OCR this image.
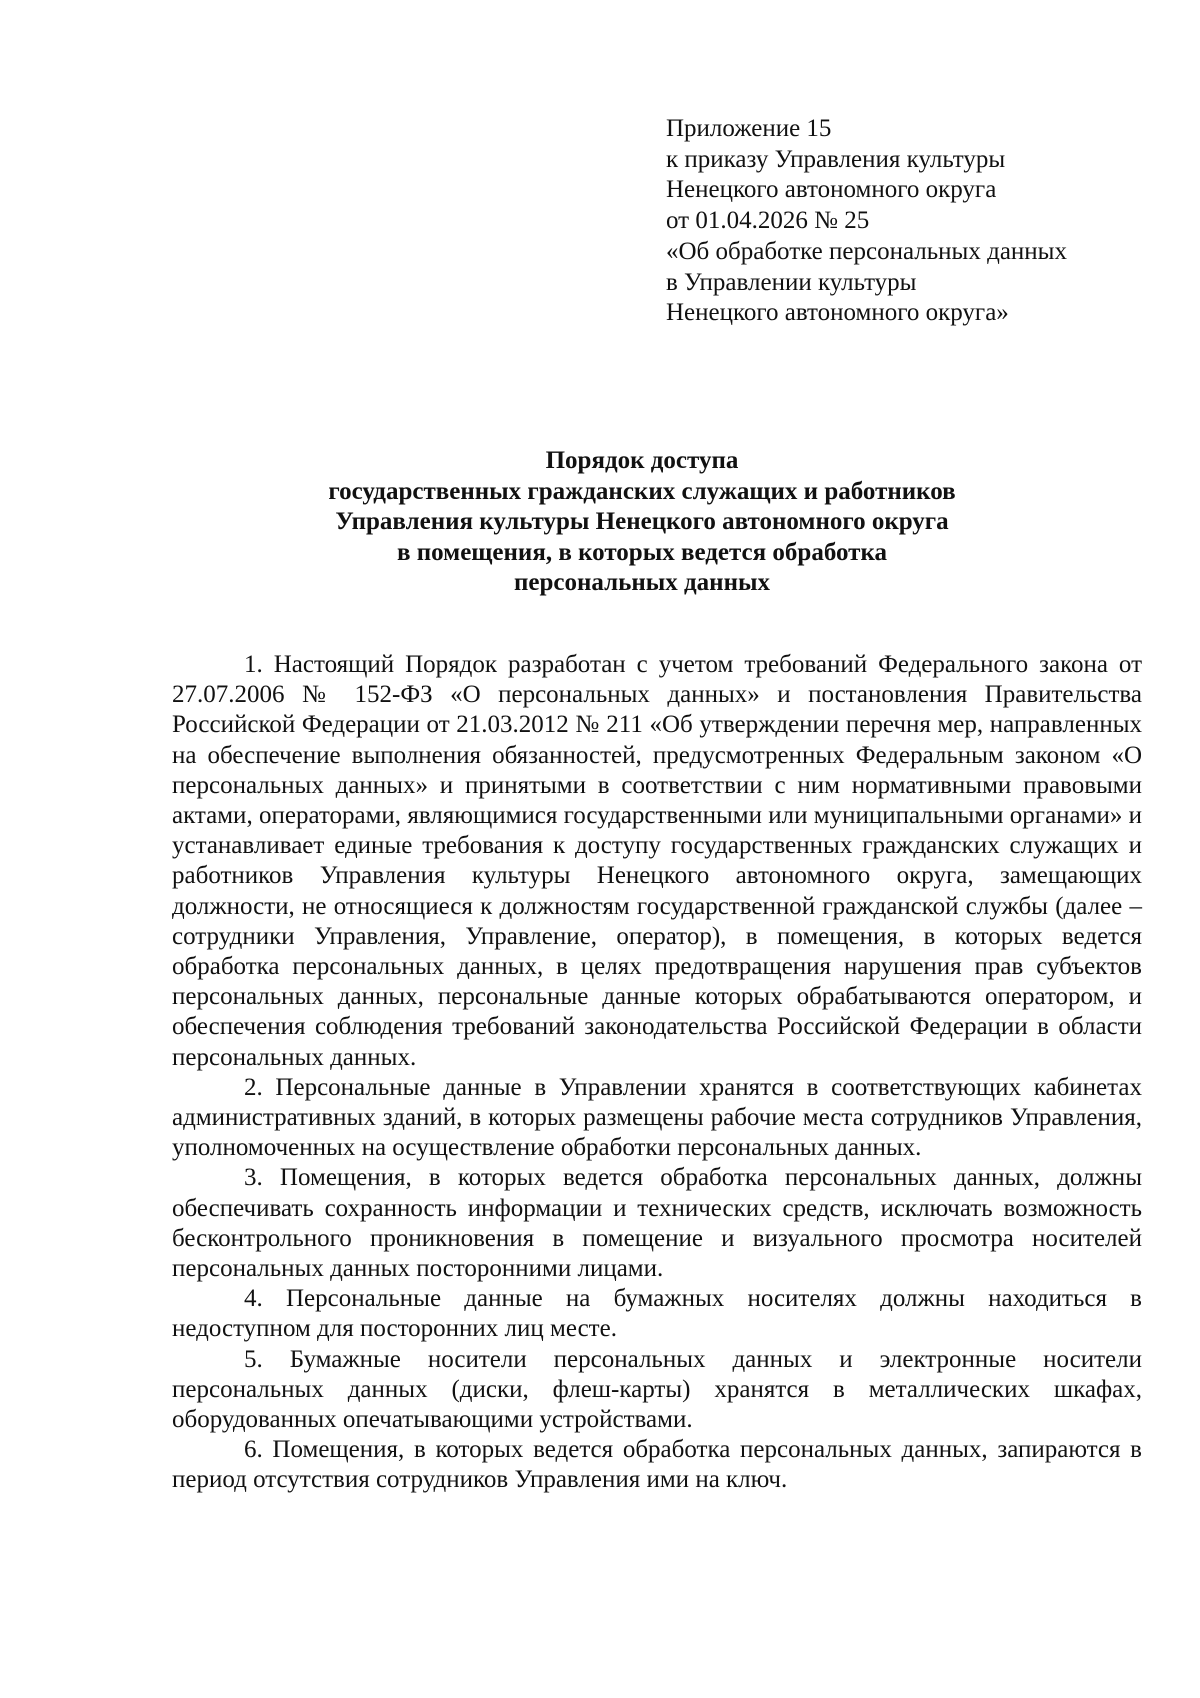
Приложение 15
к приказу Управления культуры
Ненецкого автономного округа
от 01.04.2026 № 25
«Об обработке персональных данных
в Управлении культуры
Ненецкого автономного округа»
Порядок доступа
государственных гражданских служащих и работников
Управления культуры Ненецкого автономного округа
в помещения, в которых ведется обработка
персональных данных

1. Настоящий Порядок разработан с учетом требований Федерального закона от 27.07.2006 № 152-ФЗ «О персональных данных» и постановления Правительства Российской Федерации от 21.03.2012 № 211 «Об утверждении перечня мер, направленных на обеспечение выполнения обязанностей, предусмотренных Федеральным законом «О персональных данных» и принятыми в соответствии с ним нормативными правовыми актами, операторами, являющимися государственными или муниципальными органами» и устанавливает единые требования к доступу государственных гражданских служащих и работников Управления культуры Ненецкого автономного округа, замещающих должности, не относящиеся к должностям государственной гражданской службы (далее – сотрудники Управления, Управление, оператор), в помещения, в которых ведется обработка персональных данных, в целях предотвращения нарушения прав субъектов персональных данных, персональные данные которых обрабатываются оператором, и обеспечения соблюдения требований законодательства Российской Федерации в области персональных данных.

2. Персональные данные в Управлении хранятся в соответствующих кабинетах административных зданий, в которых размещены рабочие места сотрудников Управления, уполномоченных на осуществление обработки персональных данных.

3. Помещения, в которых ведется обработка персональных данных, должны обеспечивать сохранность информации и технических средств, исключать возможность бесконтрольного проникновения в помещение и визуального просмотра носителей персональных данных посторонними лицами.

4. Персональные данные на бумажных носителях должны находиться в недоступном для посторонних лиц месте.

5. Бумажные носители персональных данных и электронные носители персональных данных (диски, флеш-карты) хранятся в металлических шкафах, оборудованных опечатывающими устройствами.

6. Помещения, в которых ведется обработка персональных данных, запираются в период отсутствия сотрудников Управления ими на ключ.
